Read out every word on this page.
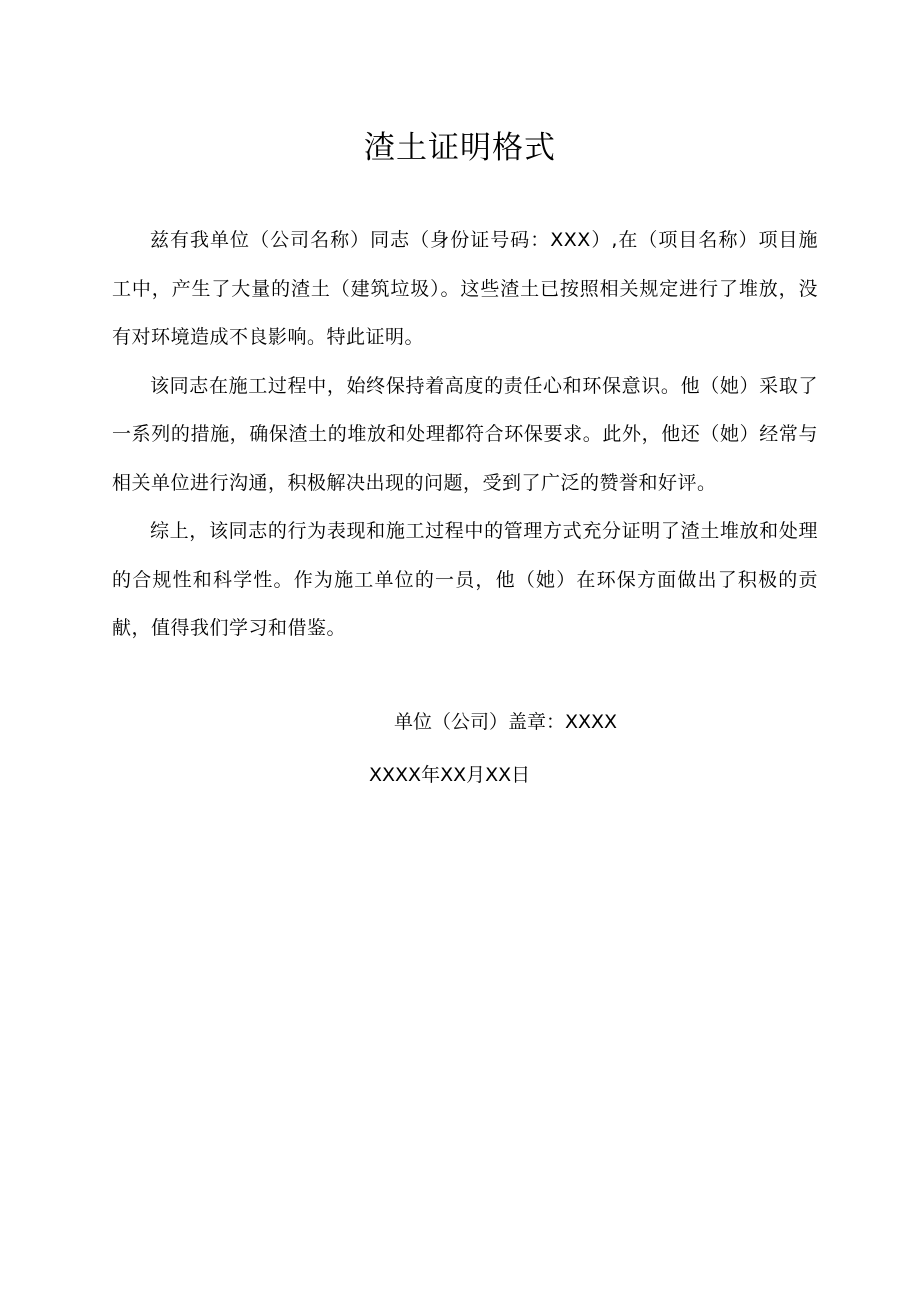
渣土证明格式

兹有我单位（公司名称）同志（身份证号码：XXX）,在（项目名称）项目施工中，产生了大量的渣土（建筑垃圾）。这些渣土已按照相关规定进行了堆放，没有对环境造成不良影响。特此证明。

该同志在施工过程中，始终保持着高度的责任心和环保意识。他（她）采取了一系列的措施，确保渣土的堆放和处理都符合环保要求。此外，他还（她）经常与相关单位进行沟通，积极解决出现的问题，受到了广泛的赞誉和好评。

综上，该同志的行为表现和施工过程中的管理方式充分证明了渣土堆放和处理的合规性和科学性。作为施工单位的一员，他（她）在环保方面做出了积极的贡献，值得我们学习和借鉴。

单位（公司）盖章：XXXX
XXXX年XX月XX日
